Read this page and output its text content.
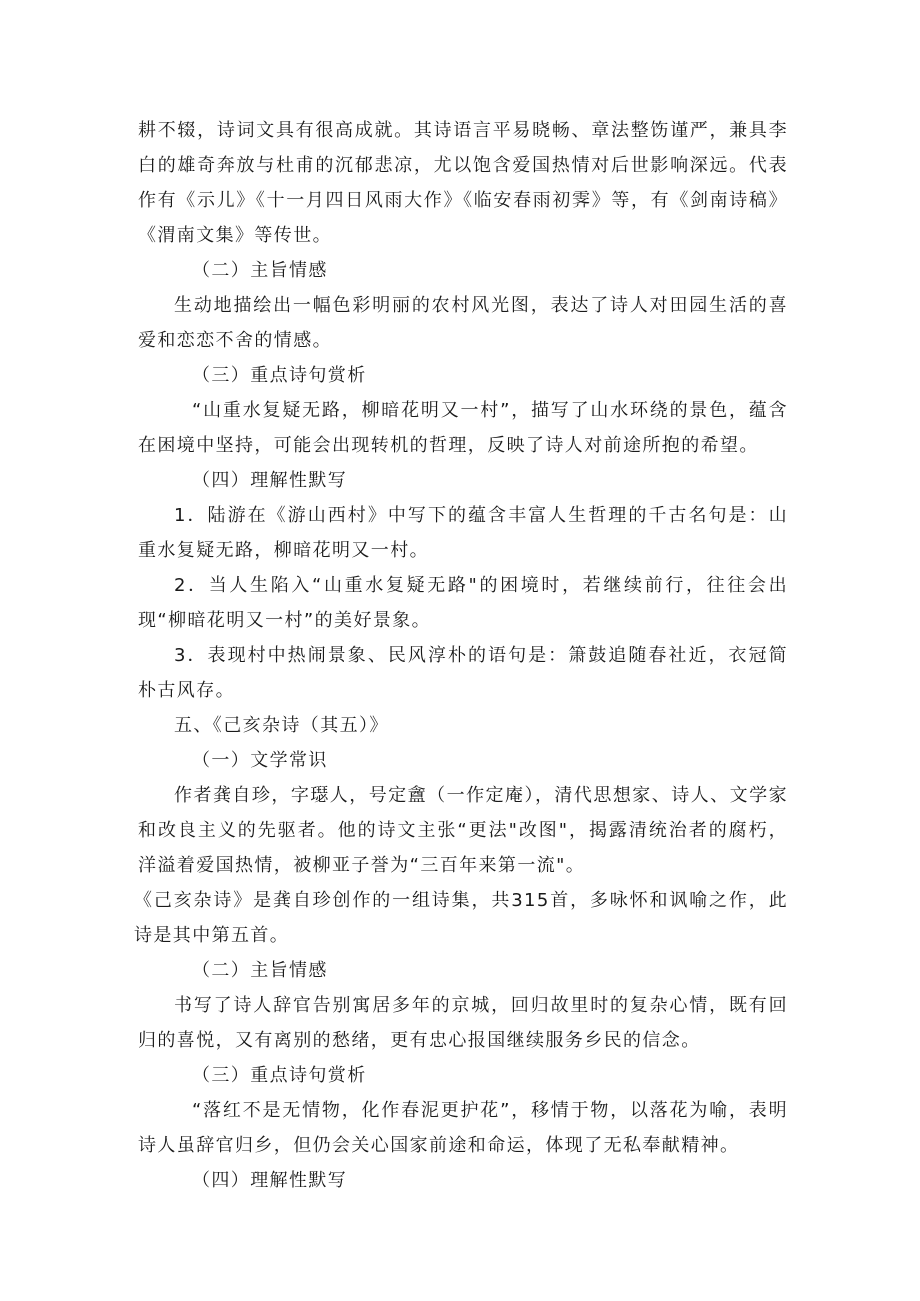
耕不辍，诗词文具有很高成就。其诗语言平易晓畅、章法整饬谨严，兼具李白的雄奇奔放与杜甫的沉郁悲凉，尤以饱含爱国热情对后世影响深远。代表作有《示儿》《十一月四日风雨大作》《临安春雨初霁》等，有《剑南诗稿》《渭南文集》等传世。

（二）主旨情感

生动地描绘出一幅色彩明丽的农村风光图，表达了诗人对田园生活的喜爱和恋恋不舍的情感。

（三）重点诗句赏析

“山重水复疑无路，柳暗花明又一村”，描写了山水环绕的景色，蕴含在困境中坚持，可能会出现转机的哲理，反映了诗人对前途所抱的希望。

（四）理解性默写

1．陆游在《游山西村》中写下的蕴含丰富人生哲理的千古名句是：山重水复疑无路，柳暗花明又一村。

2．当人生陷入“山重水复疑无路"的困境时，若继续前行，往往会出现“柳暗花明又一村”的美好景象。

3．表现村中热闹景象、民风淳朴的语句是：箫鼓追随春社近，衣冠简朴古风存。

五、《己亥杂诗（其五）》

（一）文学常识

作者龚自珍，字璱人，号定盦（一作定庵），清代思想家、诗人、文学家和改良主义的先驱者。他的诗文主张“更法"改图"，揭露清统治者的腐朽，洋溢着爱国热情，被柳亚子誉为“三百年来第一流"。

《己亥杂诗》是龚自珍创作的一组诗集，共315首，多咏怀和讽喻之作，此诗是其中第五首。

（二）主旨情感

书写了诗人辞官告别寓居多年的京城，回归故里时的复杂心情，既有回归的喜悦，又有离别的愁绪，更有忠心报国继续服务乡民的信念。

（三）重点诗句赏析

“落红不是无情物，化作春泥更护花”，移情于物，以落花为喻，表明诗人虽辞官归乡，但仍会关心国家前途和命运，体现了无私奉献精神。

（四）理解性默写
